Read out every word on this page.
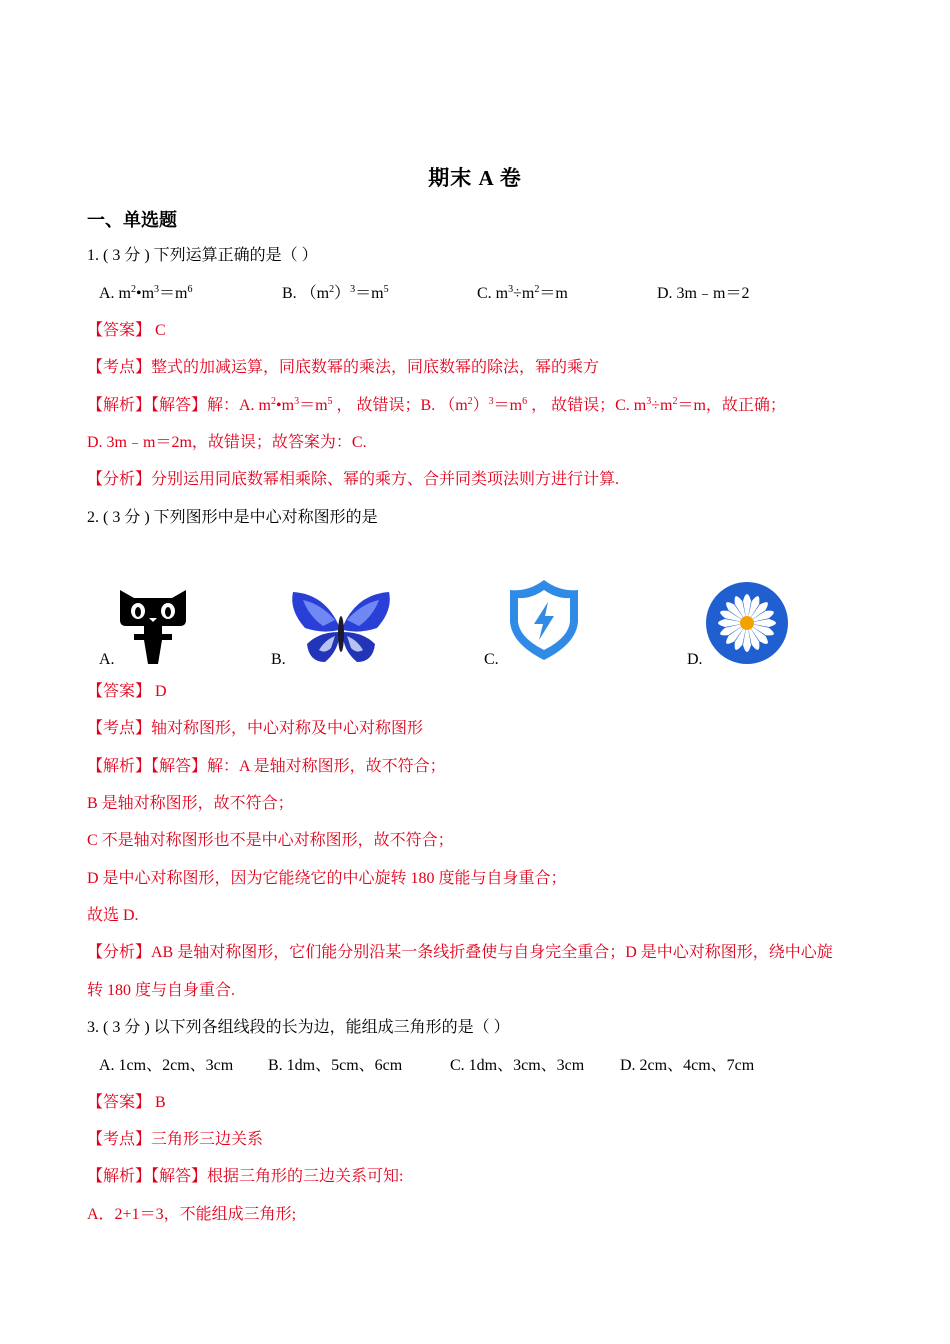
期末 A 卷
一、单选题
1. ( 3 分 ) 下列运算正确的是（ ）
A. $m^2•m^3=m^6$	B. $(m^2)^3=m^5$	C. $m^3\div m^2=m$	D. 3m﹣m＝2
【答案】 C
【考点】整式的加减运算，同底数幂的乘法，同底数幂的除法，幂的乘方
【解析】【解答】解：A. $m^2•m^3=m^5$ ， 故错误；B. $(m^2)^3=m^6$ ， 故错误；C. $m^3\div m^2=m$，故正确；
D. 3m﹣m＝2m，故错误；故答案为：C.
【分析】分别运用同底数幂相乘除、幂的乘方、合并同类项法则方进行计算.
2. ( 3 分 ) 下列图形中是中心对称图形的是
A.	B.	C.	D.
【答案】 D
【考点】轴对称图形，中心对称及中心对称图形
【解析】【解答】解：A 是轴对称图形，故不符合；
B 是轴对称图形，故不符合；
C 不是轴对称图形也不是中心对称图形，故不符合；
D 是中心对称图形，因为它能绕它的中心旋转 180 度能与自身重合；
故选 D.
【分析】AB 是轴对称图形，它们能分别沿某一条线折叠使与自身完全重合；D 是中心对称图形，绕中心旋
转 180 度与自身重合.
3. ( 3 分 ) 以下列各组线段的长为边，能组成三角形的是（ ）
A. 1cm、2cm、3cm B. 1dm、5cm、6cm	C. 1dm、3cm、3cm D. 2cm、4cm、7cm
【答案】 B
【考点】三角形三边关系
【解析】【解答】根据三角形的三边关系可知:
A．2+1＝3，不能组成三角形;
